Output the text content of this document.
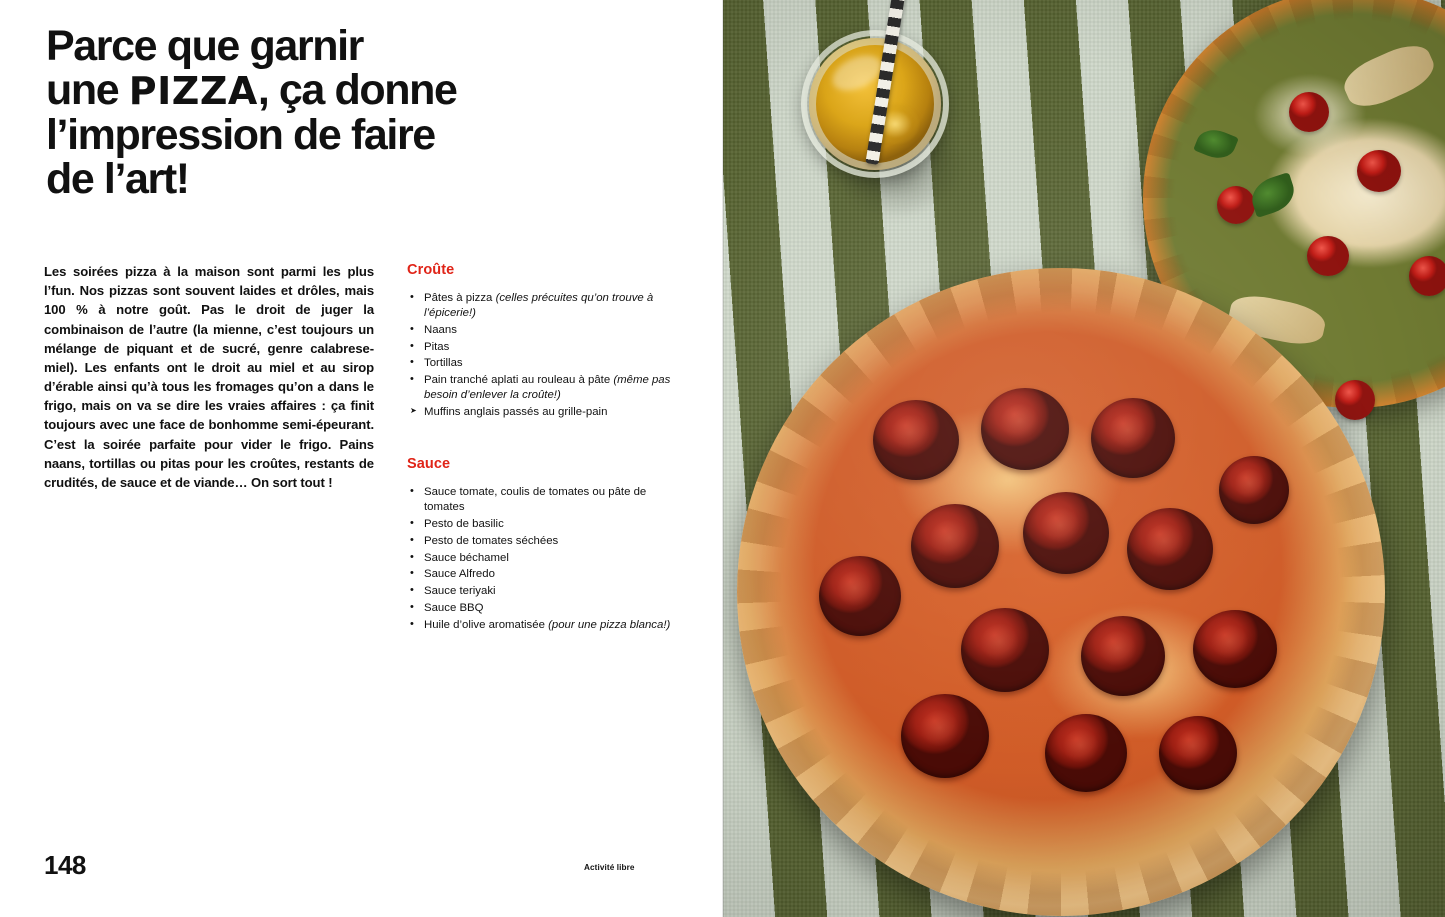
Parce que garnir
une PIZZA, ça donne
l’impression de faire
de l’art!

Les soirées pizza à la maison sont parmi les plus l’fun. Nos pizzas sont souvent laides et drôles, mais 100 % à notre goût. Pas le droit de juger la combinaison de l’autre (la mienne, c’est toujours un mélange de piquant et de sucré, genre calabrese-miel). Les enfants ont le droit au miel et au sirop d’érable ainsi qu’à tous les fromages qu’on a dans le frigo, mais on va se dire les vraies affaires : ça finit toujours avec une face de bonhomme semi-épeurant. C’est la soirée parfaite pour vider le frigo. Pains naans, tortillas ou pitas pour les croûtes, restants de crudités, de sauce et de viande… On sort tout !

Croûte
• Pâtes à pizza (celles précuites qu’on trouve à l’épicerie!)
• Naans
• Pitas
• Tortillas
• Pain tranché aplati au rouleau à pâte (même pas besoin d’enlever la croûte!)
➤ Muffins anglais passés au grille-pain
Sauce
• Sauce tomate, coulis de tomates ou pâte de tomates
• Pesto de basilic
• Pesto de tomates séchées
• Sauce béchamel
• Sauce Alfredo
• Sauce teriyaki
• Sauce BBQ
• Huile d’olive aromatisée (pour une pizza blanca!)
148	Activité libre
